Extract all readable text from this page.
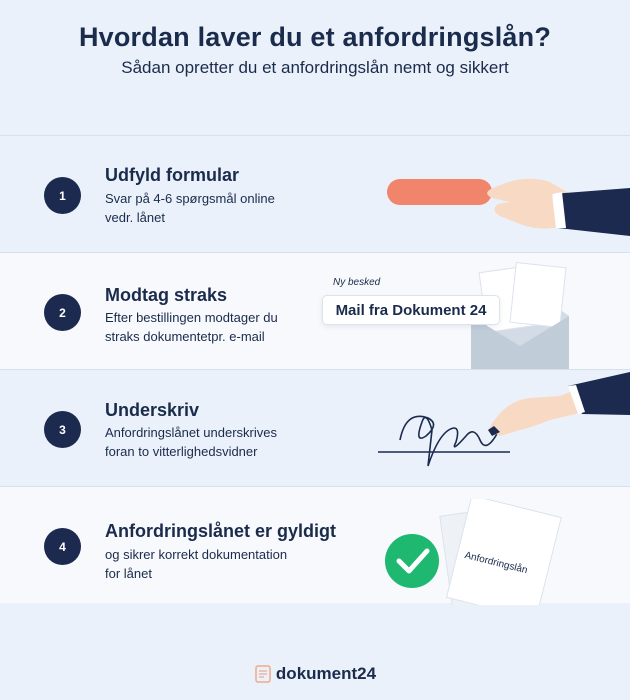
Hvordan laver du et anfordringslån?
Sådan opretter du et anfordringslån nemt og sikkert
1
Udfyld formular
Svar på 4-6 spørgsmål online vedr. lånet
2
Modtag straks
Efter bestillingen modtager du straks dokumentetpr. e-mail
Ny besked
Mail fra Dokument 24
3
Underskriv
Anfordringslånet underskrives foran to vitterlighedsvidner
4
Anfordringslånet er gyldigt
og sikrer korrekt dokumentation for lånet	Anfordringslån
dokument24
